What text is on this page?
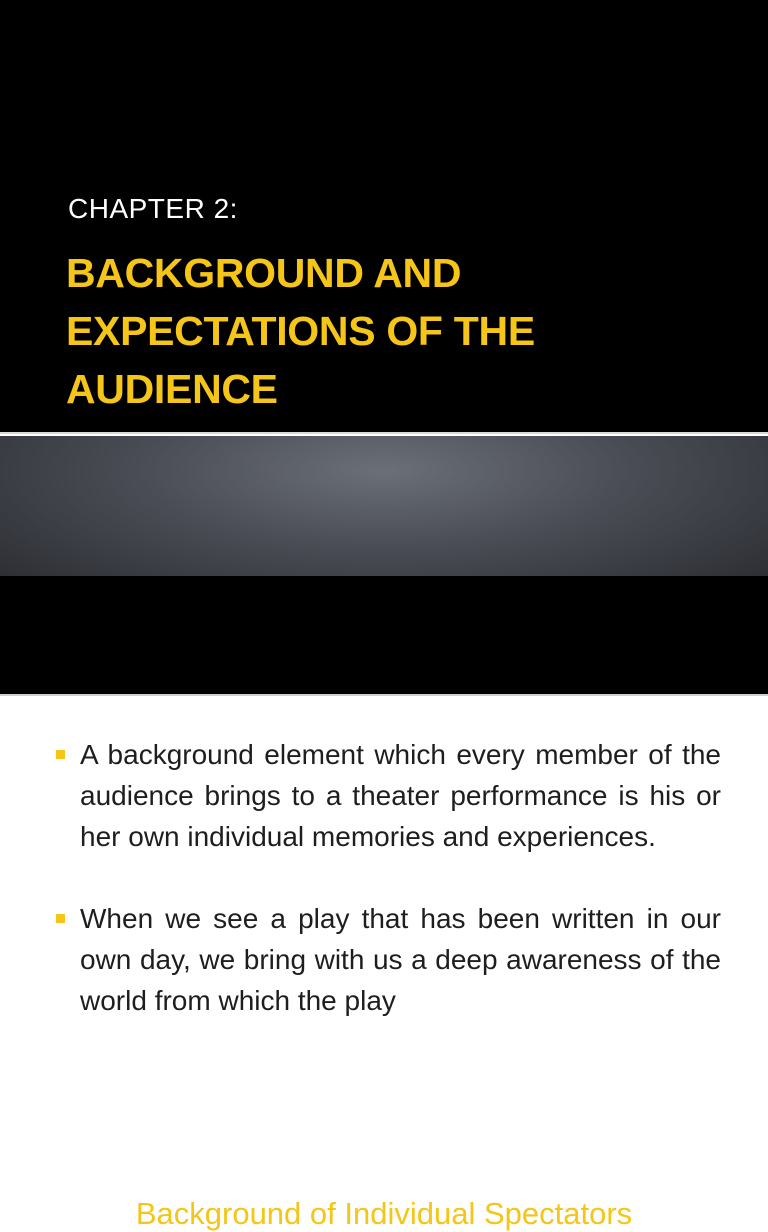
CHAPTER 2:
BACKGROUND AND EXPECTATIONS OF THE AUDIENCE
Background of Individual Spectators
A background element which every member of the audience brings to a theater performance is his or her own individual memories and experiences.
When we see a play that has been written in our own day, we bring with us a deep awareness of the world from which the play
